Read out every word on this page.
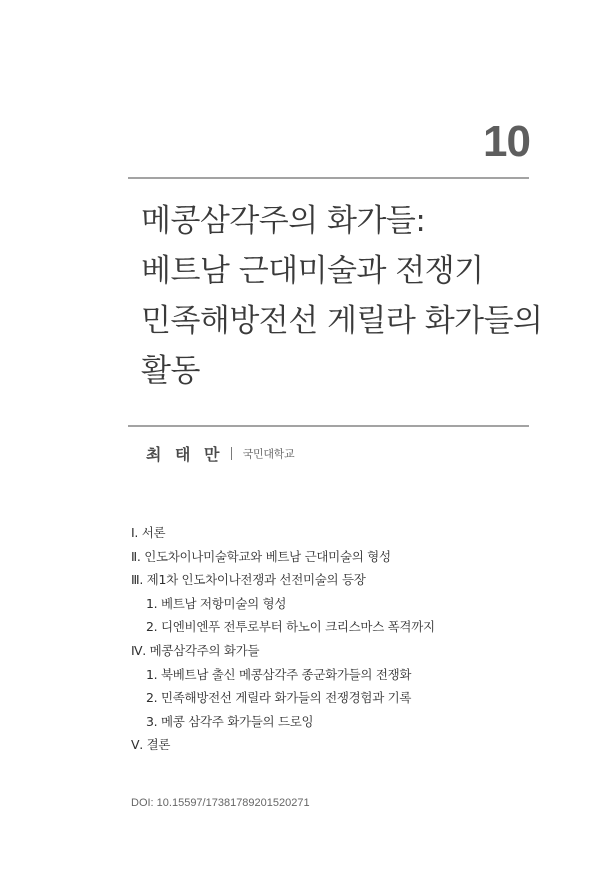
10
메콩삼각주의 화가들:
베트남 근대미술과 전쟁기
민족해방전선 게릴라 화가들의
활동
최 태 만 국민대학교
Ⅰ. 서론
Ⅱ. 인도차이나미술학교와 베트남 근대미술의 형성
Ⅲ. 제1차 인도차이나전쟁과 선전미술의 등장
1. 베트남 저항미술의 형성
2. 디엔비엔푸 전투로부터 하노이 크리스마스 폭격까지
Ⅳ. 메콩삼각주의 화가들
1. 북베트남 출신 메콩삼각주 종군화가들의 전쟁화
2. 민족해방전선 게릴라 화가들의 전쟁경험과 기록
3. 메콩 삼각주 화가들의 드로잉
Ⅴ. 결론
DOI: 10.15597/17381789201520271
